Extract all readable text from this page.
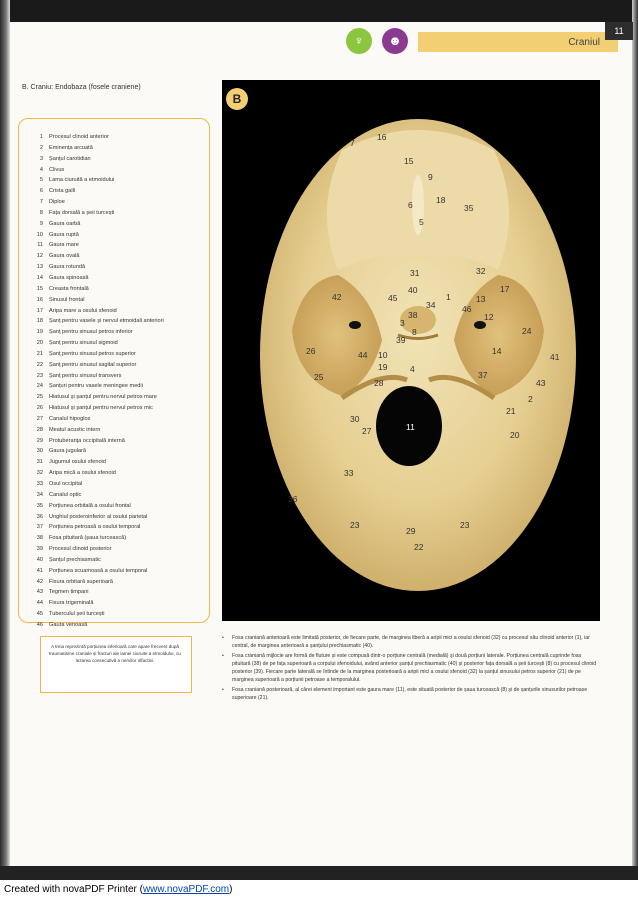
♆	☻	Craniul
11
B. Craniu: Endobaza (fosele craniene)
1 Procesul clinoid anterior
2 Eminența arcuată
3 Șanțul carotidian
4 Clivus
5 Lama ciuruită a etmoidului
6 Crista galli
7 Diploe
8 Fața dorsală a șeii turcești
9 Gaura oarbă
10 Gaura ruptă
11 Gaura mare
12 Gaura ovală
13 Gaura rotundă
14 Gaura spinoasă
15 Creasta frontală
16 Sinusul frontal
17 Aripa mare a osului sfenoid
18 Șanț pentru vasele și nervul etmoidali anteriori
19 Șanț pentru sinusul petros inferior
20 Șanț pentru sinusul sigmoid
21 Șanț pentru sinusul petros superior
22 Șanț pentru sinusul sagital superior
23 Șanț pentru sinusul transvers
24 Șanțuri pentru vasele meningee medii
25 Hiatusul și șanțul pentru nervul petros mare
26 Hiatusul și șanțul pentru nervul petros mic
27 Canalul hipoglos
28 Meatul acustic intern
29 Protuberanța occipitală internă
30 Gaura jugulară
31 Jugumul osului sfenoid
32 Aripa mică a osului sfenoid
33 Osul occipital
34 Canalul optic
35 Porțiunea orbitală a osului frontal
36 Unghiul posteroinferior al osului parietal
37 Porțiunea petroasă a osului temporal
38 Fosa pituitară (șaua turcească)
39 Procesul clinoid posterior
40 Șanțul prechiasmatic
41 Porțiunea scuamoasă a osului temporal
42 Fisura orbitară superioară
43 Tegmen timpani
44 Fisura trigeminală
45 Tuberculul șeii turcești
46 Gaura venoasă
B
16
7
15
9
6	18
35
5
31	32
40	17
42	45	1	13
34	46
12
38
3
24
8
39
26	44 10	14
41
19	4
37
25
28	43
2
21
30
11
27	20
33
36
23
29
23
22
A treia reprezintă porțiunea inferioară care apare frecvent după traumatisme craniale și fracturi ale lamei ciuruite a etmoidului, cu lezarea consecutivă a nervilor olfactivi.
• Fosa craniană anterioară este limitată posterior, de fiecare parte, de marginea liberă a aripii mici a osului sfenoid (32) cu procesul său clinoid anterior (1), iar central, de marginea anterioară a șanțului prechiasmatic (40).
• Fosa craniană mijlocie are formă de fluture și este compusă dintr-o porțiune centrală (medială) și două porțiuni laterale. Porțiunea centrală cuprinde fosa pituitară (38) de pe fața superioară a corpului sfenoidului, având anterior șanțul prechiasmatic (40) și posterior fața dorsală a șeii turcești (8) cu procesul clinoid posterior (39). Fiecare parte laterală se întinde de la marginea posterioară a aripii mici a osului sfenoid (32) la șanțul sinusului petros superior (21) de pe marginea superioară a porțiunii petroase a temporalului.
• Fosa craniană posterioară, al cărei element important este gaura mare (11), este situată posterior de șaua turcească (8) și de șanțurile sinusurilor petroase superioare (21).
Created with novaPDF Printer (www.novaPDF.com)
